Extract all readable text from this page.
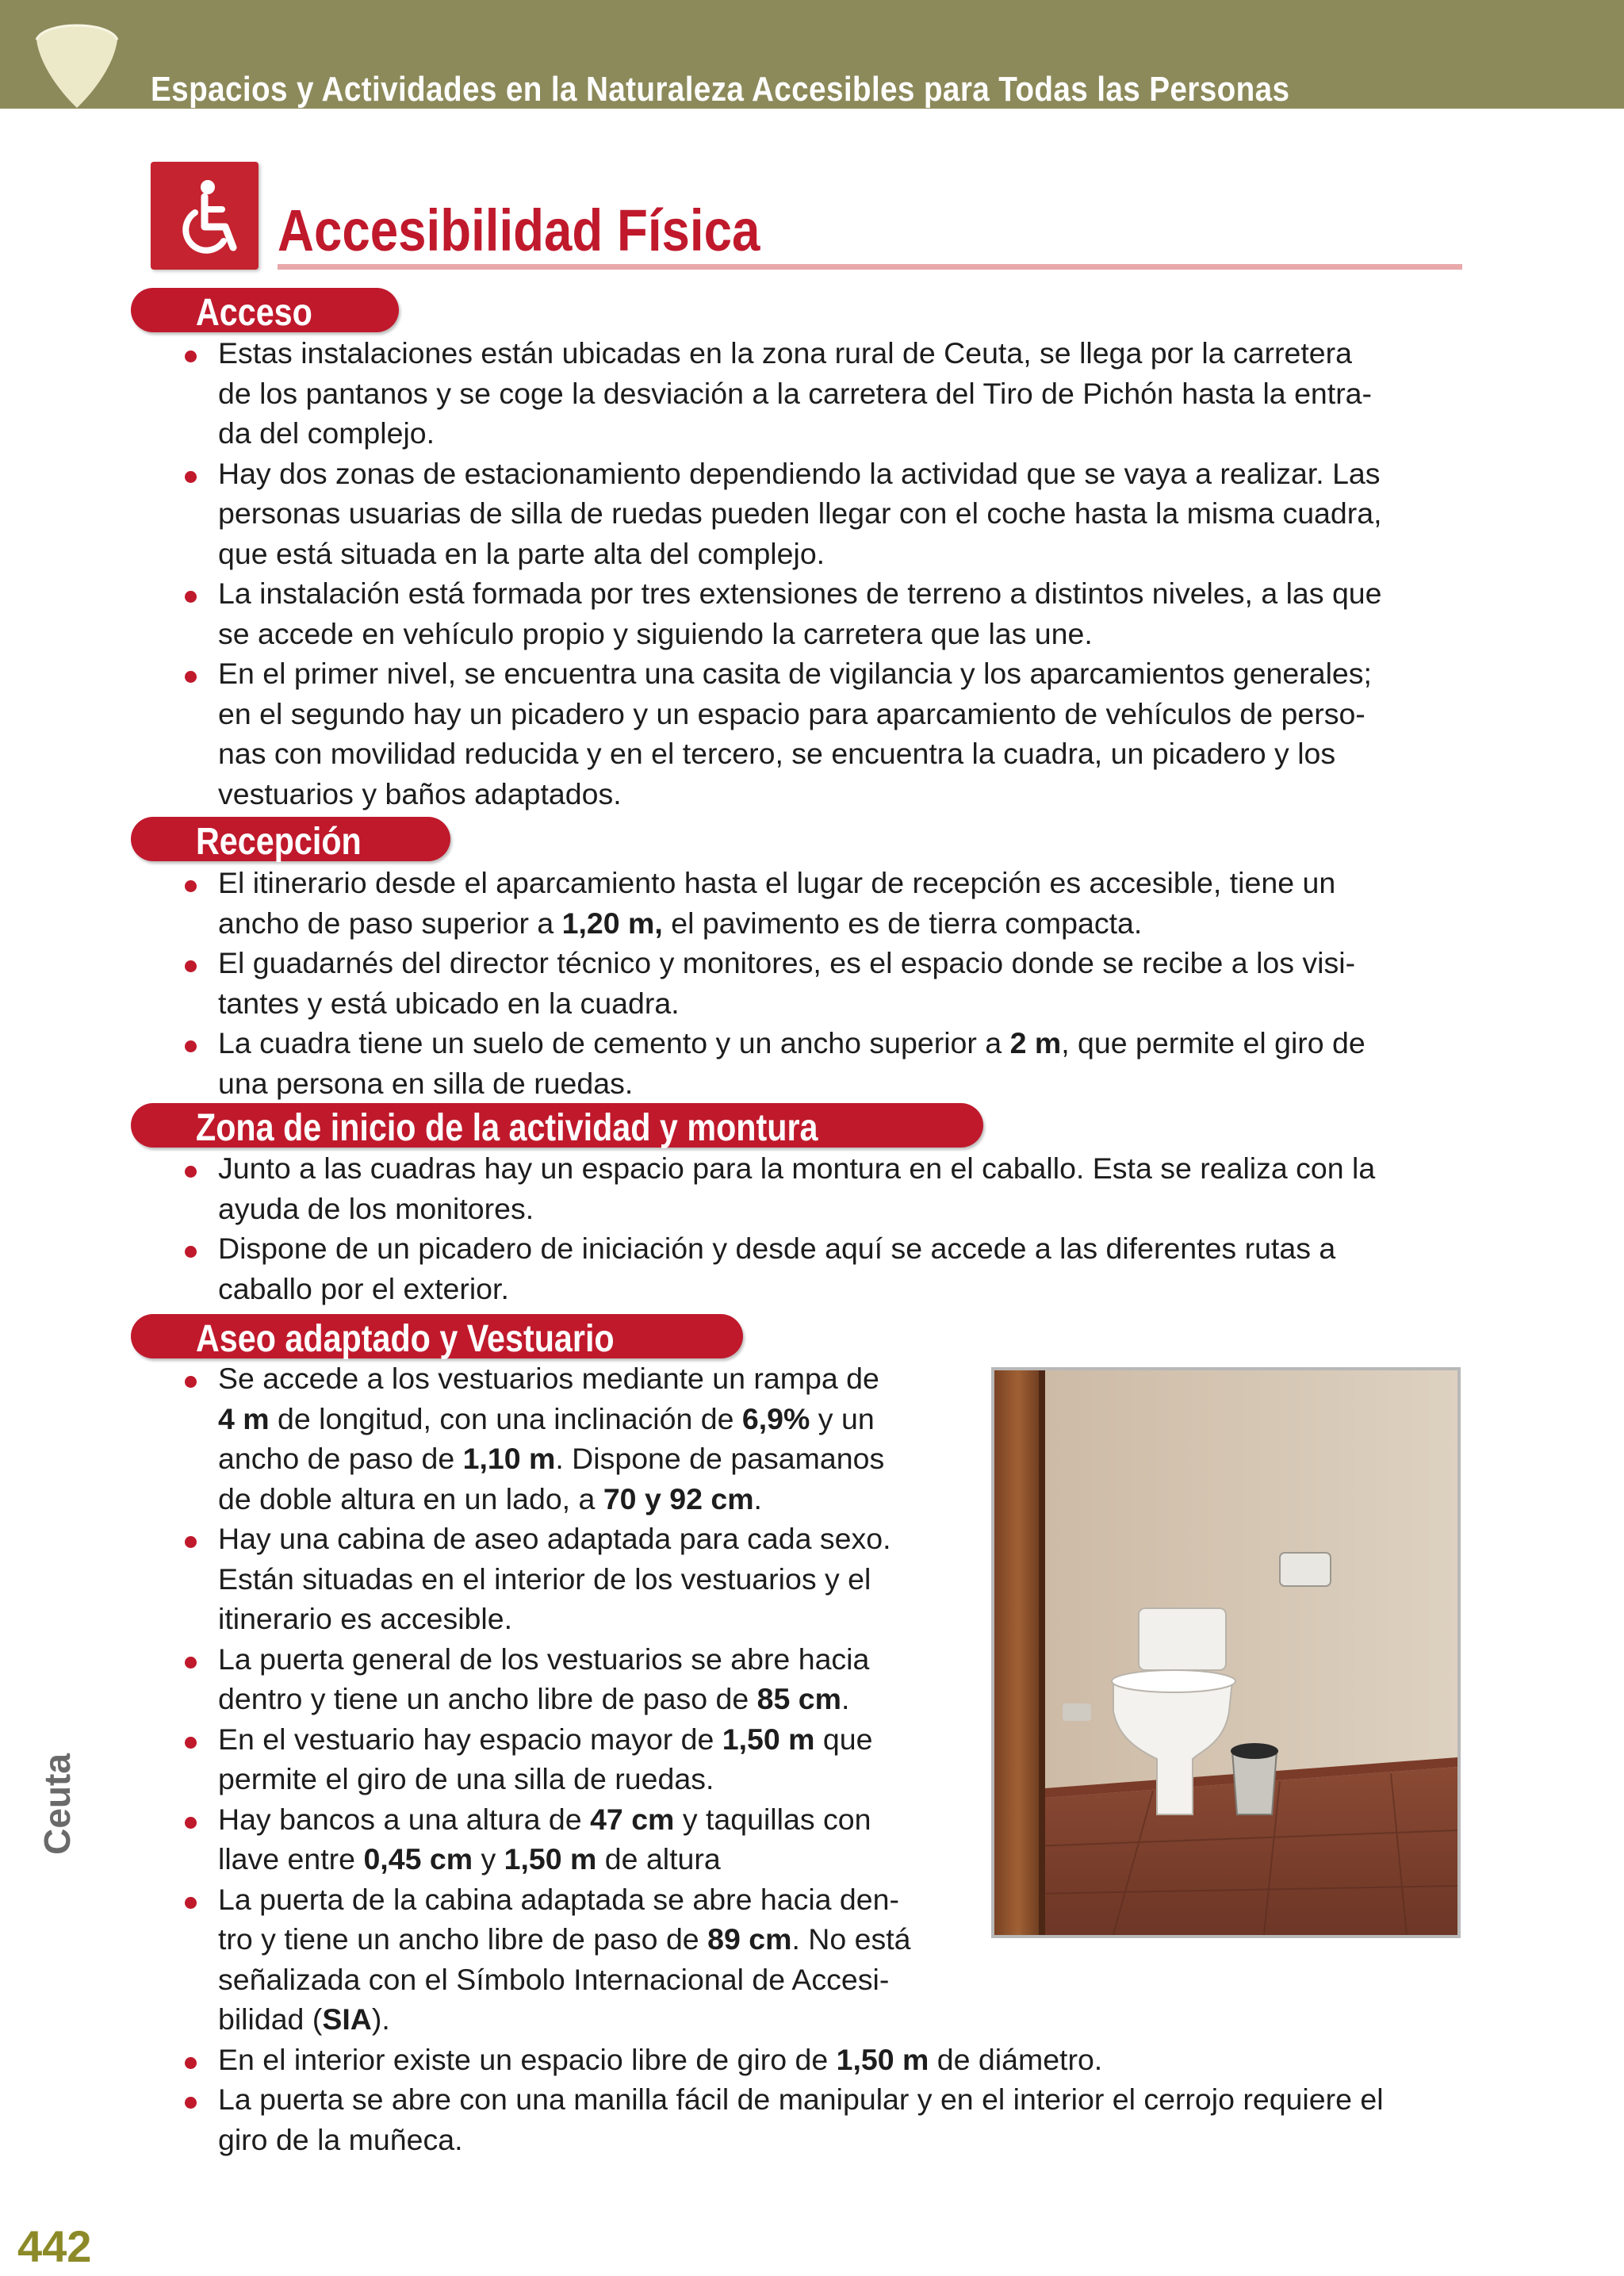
Espacios y Actividades en la Naturaleza Accesibles para Todas las Personas
Accesibilidad Física
Acceso
Recepción
Zona de inicio de la actividad y montura
Aseo adaptado y Vestuario
Estas instalaciones están ubicadas en la zona rural de Ceuta, se llega por la carretera
de los pantanos y se coge la desviación a la carretera del Tiro de Pichón hasta la entra-
da del complejo.
Hay dos zonas de estacionamiento dependiendo la actividad que se vaya a realizar. Las
personas usuarias de silla de ruedas pueden llegar con el coche hasta la misma cuadra,
que está situada en la parte alta del complejo.
La instalación está formada por tres extensiones de terreno a distintos niveles, a las que
se accede en vehículo propio y siguiendo la carretera que las une.
En el primer nivel, se encuentra una casita de vigilancia y los aparcamientos generales;
en el segundo hay un picadero y un espacio para aparcamiento de vehículos de perso-
nas con movilidad reducida y en el tercero, se encuentra la cuadra, un picadero y los
vestuarios y baños adaptados.
El itinerario desde el aparcamiento hasta el lugar de recepción es accesible, tiene un
ancho de paso superior a 1,20 m, el pavimento es de tierra compacta.
El guadarnés del director técnico y monitores, es el espacio donde se recibe a los visi-
tantes y está ubicado en la cuadra.
La cuadra tiene un suelo de cemento y un ancho superior a 2 m, que permite el giro de
una persona en silla de ruedas.
Junto a las cuadras hay un espacio para la montura en el caballo. Esta se realiza con la
ayuda de los monitores.
Dispone de un picadero de iniciación y desde aquí se accede a las diferentes rutas a
caballo por el exterior.
Se accede a los vestuarios mediante un rampa de
4 m de longitud, con una inclinación de 6,9% y un
ancho de paso de 1,10 m. Dispone de pasamanos
de doble altura en un lado, a 70 y 92 cm.
Hay una cabina de aseo adaptada para cada sexo.
Están situadas en el interior de los vestuarios y el
itinerario es accesible.
La puerta general de los vestuarios se abre hacia
dentro y tiene un ancho libre de paso de 85 cm.
En el vestuario hay espacio mayor de 1,50 m que
permite el giro de una silla de ruedas.
Hay bancos a una altura de 47 cm y taquillas con
llave entre 0,45 cm y 1,50 m de altura
La puerta de la cabina adaptada se abre hacia den-
tro y tiene un ancho libre de paso de 89 cm. No está
señalizada con el Símbolo Internacional de Accesi-
bilidad (SIA).
En el interior existe un espacio libre de giro de 1,50 m de diámetro.
La puerta se abre con una manilla fácil de manipular y en el interior el cerrojo requiere el
giro de la muñeca.
Ceuta
442
